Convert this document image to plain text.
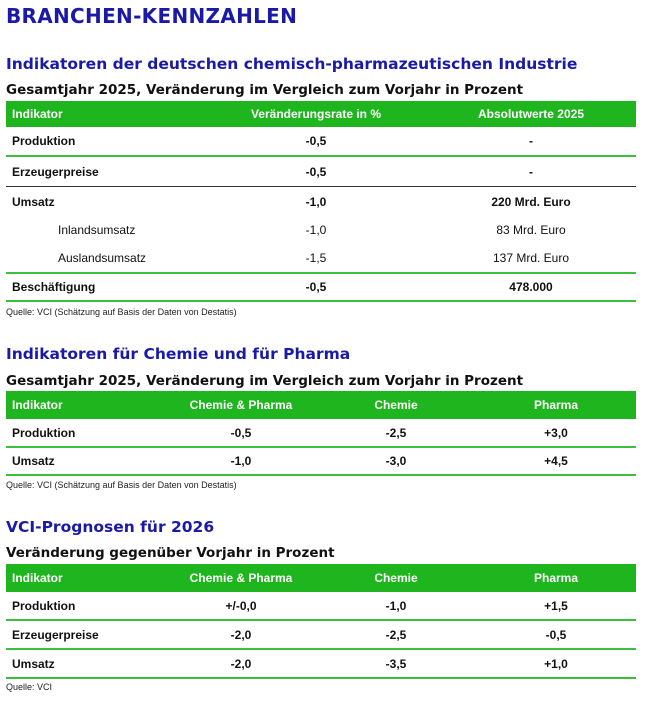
BRANCHEN-KENNZAHLEN
Indikatoren der deutschen chemisch-pharmazeutischen Industrie
Gesamtjahr 2025, Veränderung im Vergleich zum Vorjahr in Prozent
Indikator	Veränderungsrate in %	Absolutwerte 2025
Produktion	-0,5	-
Erzeugerpreise	-0,5	-
Umsatz	-1,0	220 Mrd. Euro
Inlandsumsatz	-1,0	83 Mrd. Euro
Auslandsumsatz	-1,5	137 Mrd. Euro
Beschäftigung	-0,5	478.000

Quelle: VCI (Schätzung auf Basis der Daten von Destatis)

Indikatoren für Chemie und für Pharma
Gesamtjahr 2025, Veränderung im Vergleich zum Vorjahr in Prozent
Indikator	Chemie & Pharma	Chemie	Pharma
Produktion	-0,5	-2,5	+3,0
Umsatz	-1,0	-3,0	+4,5

Quelle: VCI (Schätzung auf Basis der Daten von Destatis)

VCI-Prognosen für 2026
Veränderung gegenüber Vorjahr in Prozent
Indikator	Chemie & Pharma	Chemie	Pharma
Produktion	+/-0,0	-1,0	+1,5
Erzeugerpreise	-2,0	-2,5	-0,5
Umsatz	-2,0	-3,5	+1,0

Quelle: VCI
